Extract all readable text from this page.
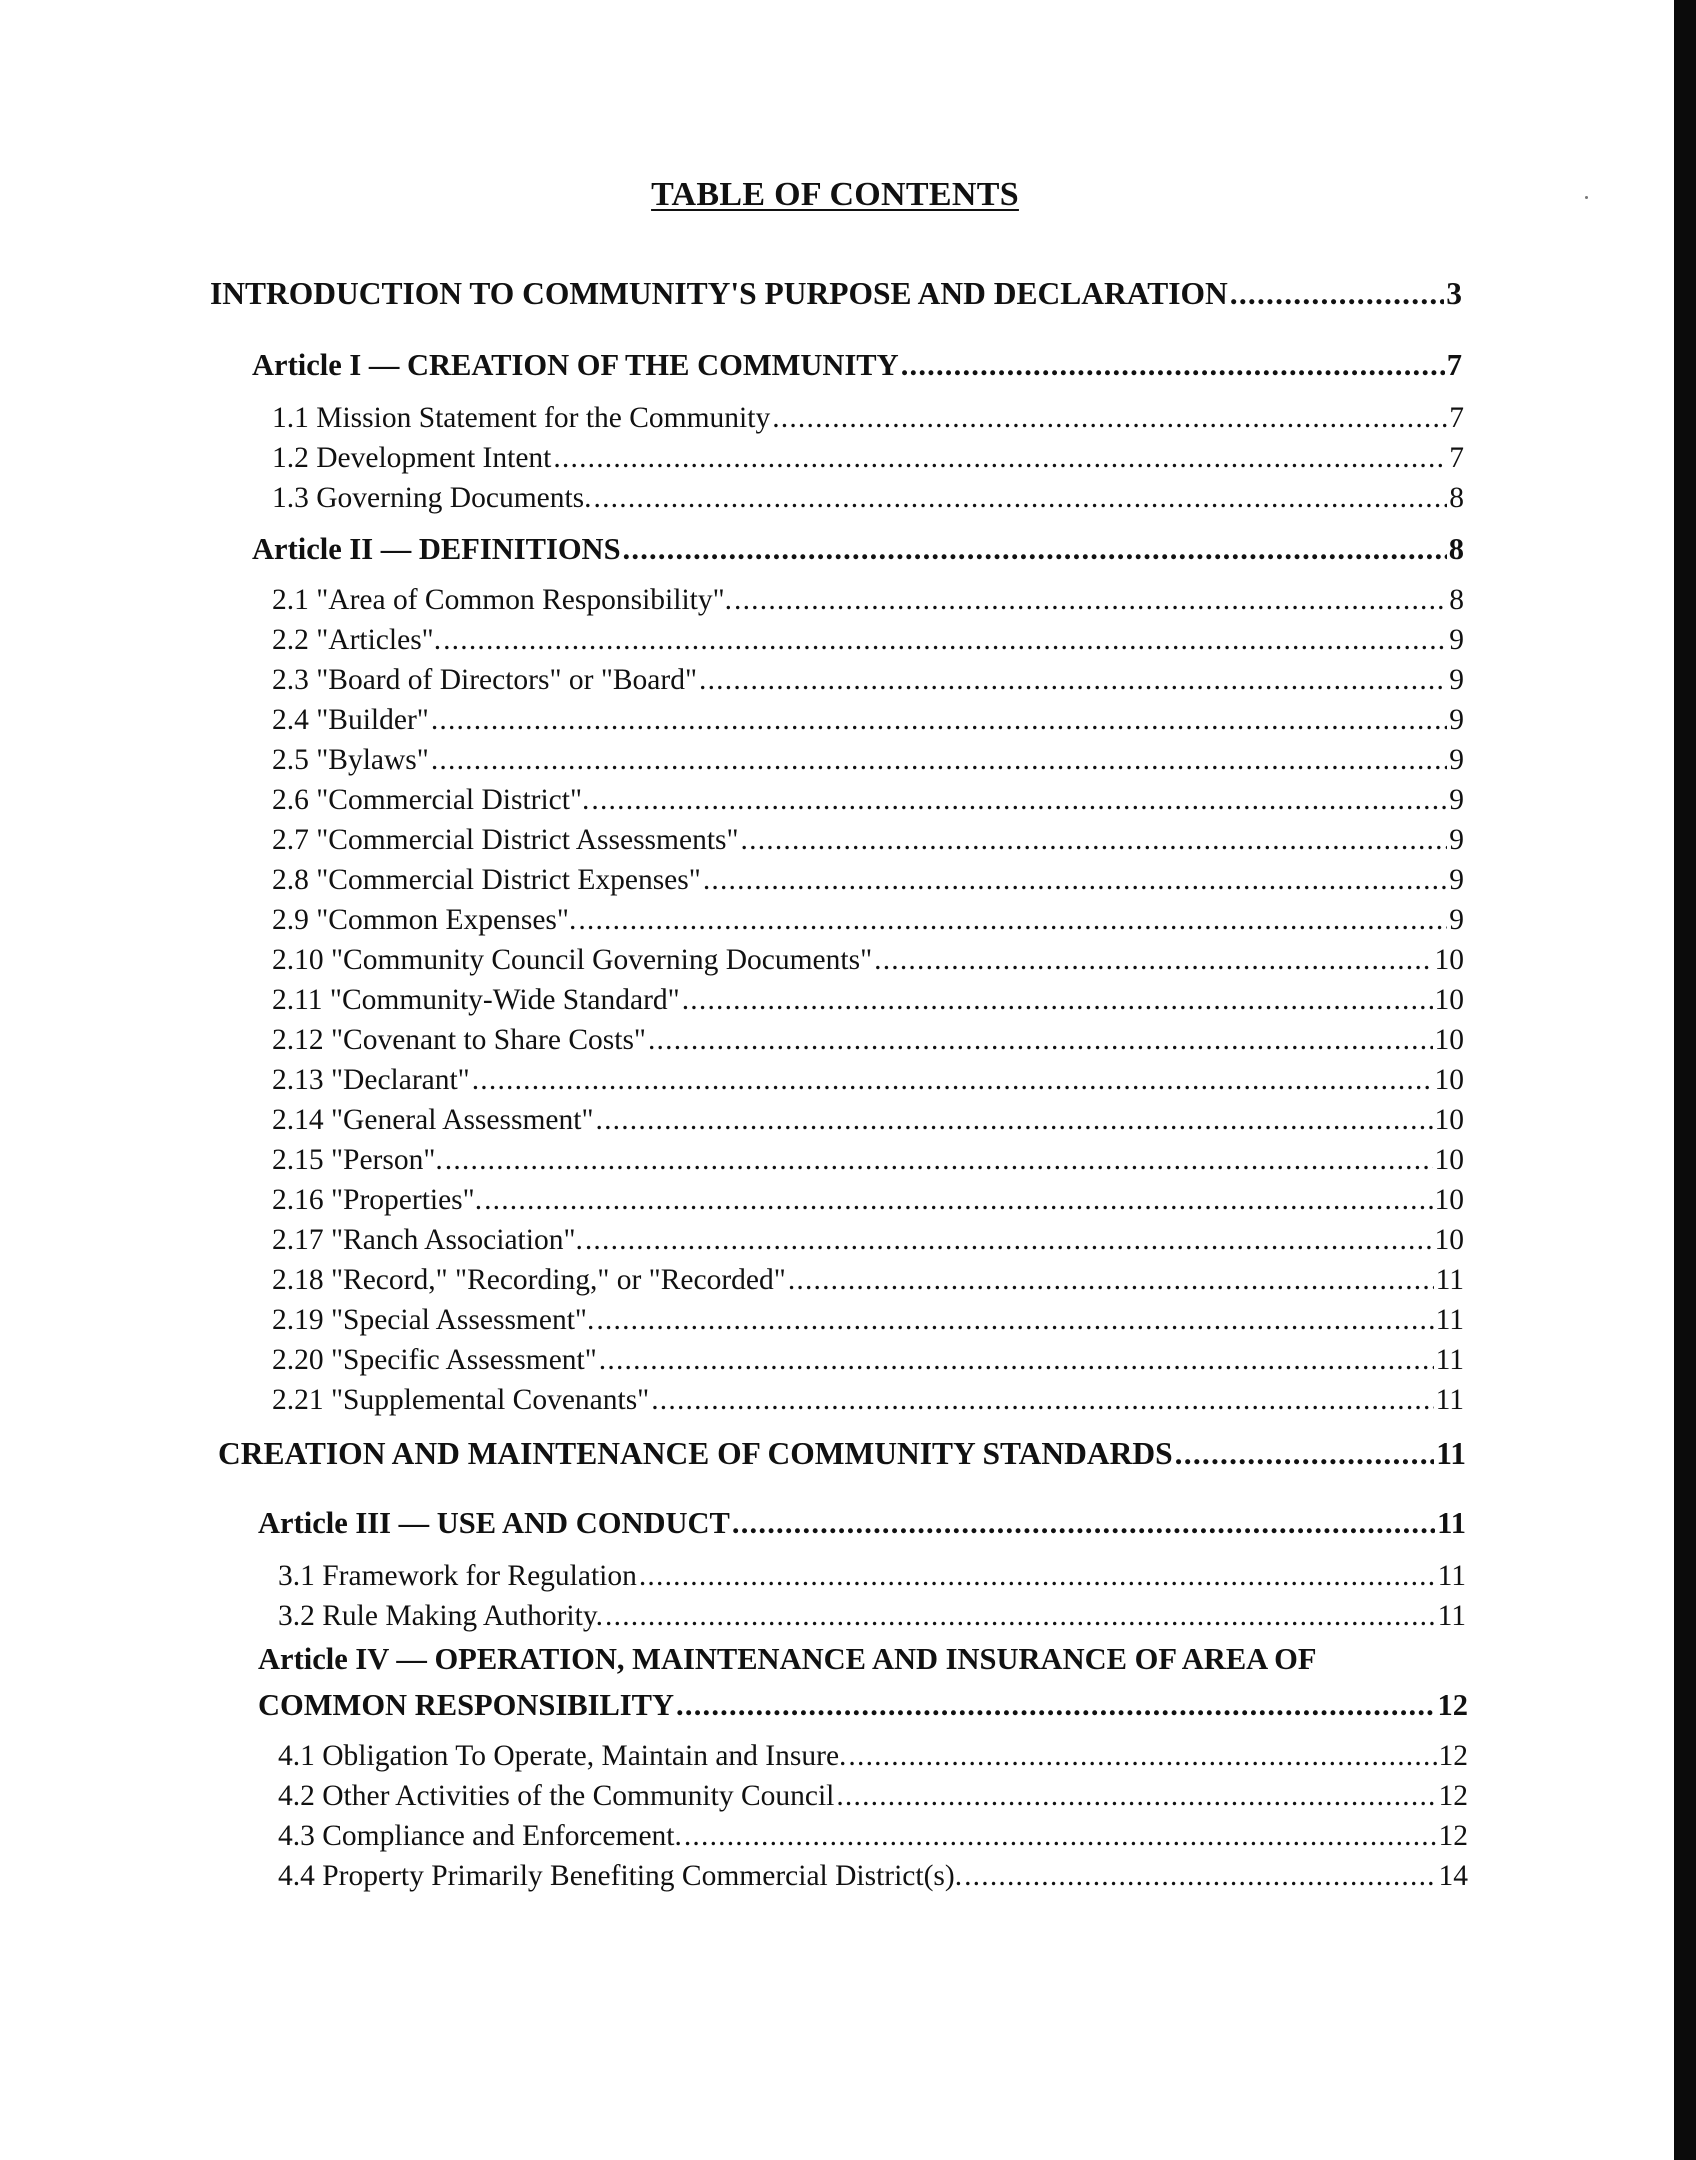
TABLE OF CONTENTS
INTRODUCTION TO COMMUNITY'S PURPOSE AND DECLARATION .....	3
Article I — CREATION OF THE COMMUNITY .....	7
1.1 Mission Statement for the Community .....	7
1.2 Development Intent .....	7
1.3 Governing Documents. .....	8
Article II — DEFINITIONS .....	8
2.1 "Area of Common Responsibility". .....	8
2.2 "Articles". .....	9
2.3 "Board of Directors" or "Board" .....	9
2.4 "Builder" .....	9
2.5 "Bylaws" .....	9
2.6 "Commercial District". .....	9
2.7 "Commercial District Assessments" .....	9
2.8 "Commercial District Expenses" .....	9
2.9 "Common Expenses". .....	9
2.10 "Community Council Governing Documents" .....	10
2.11 "Community-Wide Standard" .....	10
2.12 "Covenant to Share Costs" .....	10
2.13 "Declarant" .....	10
2.14 "General Assessment" .....	10
2.15 "Person". .....	10
2.16 "Properties". .....	10
2.17 "Ranch Association". .....	10
2.18 "Record," "Recording," or "Recorded" .....	11
2.19 "Special Assessment". .....	11
2.20 "Specific Assessment" .....	11
2.21 "Supplemental Covenants" .....	11
CREATION AND MAINTENANCE OF COMMUNITY STANDARDS .....	11
Article III — USE AND CONDUCT .....	11
3.1 Framework for Regulation .....	11
3.2 Rule Making Authority. .....	11
Article IV — OPERATION, MAINTENANCE AND INSURANCE OF AREA OF
COMMON RESPONSIBILITY .....	12
4.1 Obligation To Operate, Maintain and Insure. .....	12
4.2 Other Activities of the Community Council .....	12
4.3 Compliance and Enforcement. .....	12
4.4 Property Primarily Benefiting Commercial District(s). .....	14
